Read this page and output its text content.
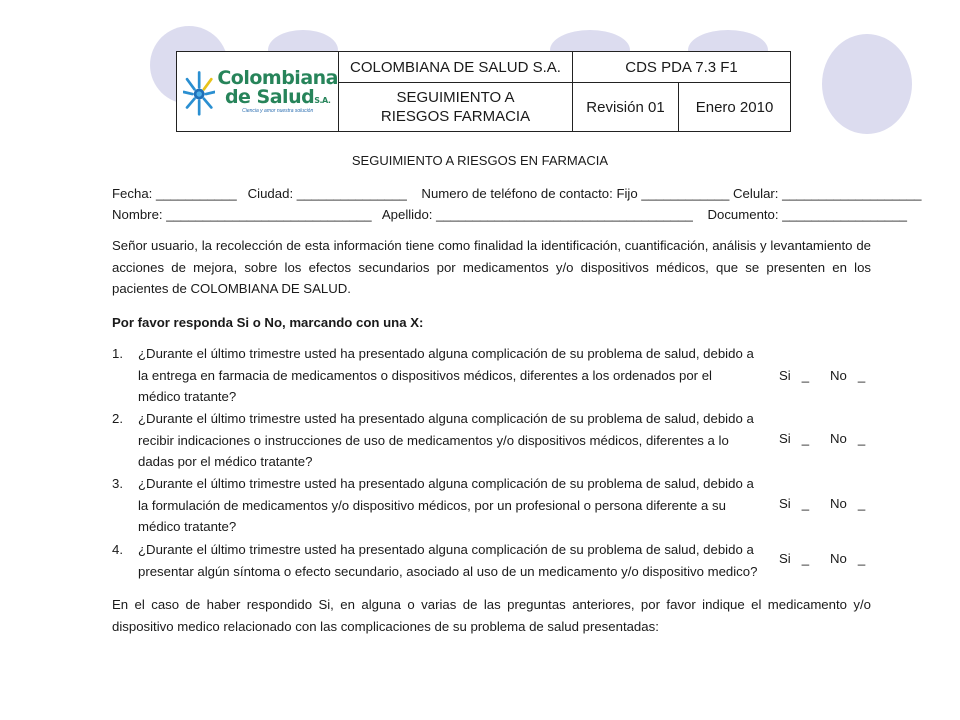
Colombiana
de SaludS.A.
Ciencia y amor nuestra solución	COLOMBIANA DE SALUD S.A.	CDS PDA 7.3 F1	
	SEGUIMIENTO A RIESGOS FARMACIA	Revisión 01	Enero 2010
SEGUIMIENTO A RIESGOS EN FARMACIA
Fecha: ___________   Ciudad: _______________    Numero de teléfono de contacto: Fijo ____________ Celular: ___________________
Nombre: ____________________________   Apellido: ___________________________________    Documento: _________________
Señor usuario, la recolección de esta información tiene como finalidad la identificación, cuantificación, análisis y levantamiento de acciones de mejora, sobre los efectos secundarios por medicamentos y/o dispositivos médicos, que se presenten en los pacientes de COLOMBIANA DE SALUD.
Por favor responda Si o No, marcando con una X:
1. ¿Durante el último trimestre usted ha presentado alguna complicación de su problema de salud, debido a la entrega en farmacia de medicamentos o dispositivos médicos, diferentes a los ordenados por el médico tratante?
Si   _ No   _
2. ¿Durante el último trimestre usted ha presentado alguna complicación de su problema de salud, debido a recibir indicaciones o instrucciones de uso de medicamentos y/o dispositivos médicos, diferentes a lo dadas por el médico tratante?
Si   _ No   _
3. ¿Durante el último trimestre usted ha presentado alguna complicación de su problema de salud, debido a la formulación de medicamentos y/o dispositivo médicos, por un profesional o persona diferente a su médico tratante?
Si   _ No   _
4. ¿Durante el último trimestre usted ha presentado alguna complicación de su problema de salud, debido a presentar algún síntoma o efecto secundario, asociado al uso de un medicamento y/o dispositivo medico?
Si   _ No   _
En el caso de haber respondido Si, en alguna o varias de las preguntas anteriores, por favor indique el medicamento y/o dispositivo medico relacionado con las complicaciones de su problema de salud presentadas:
